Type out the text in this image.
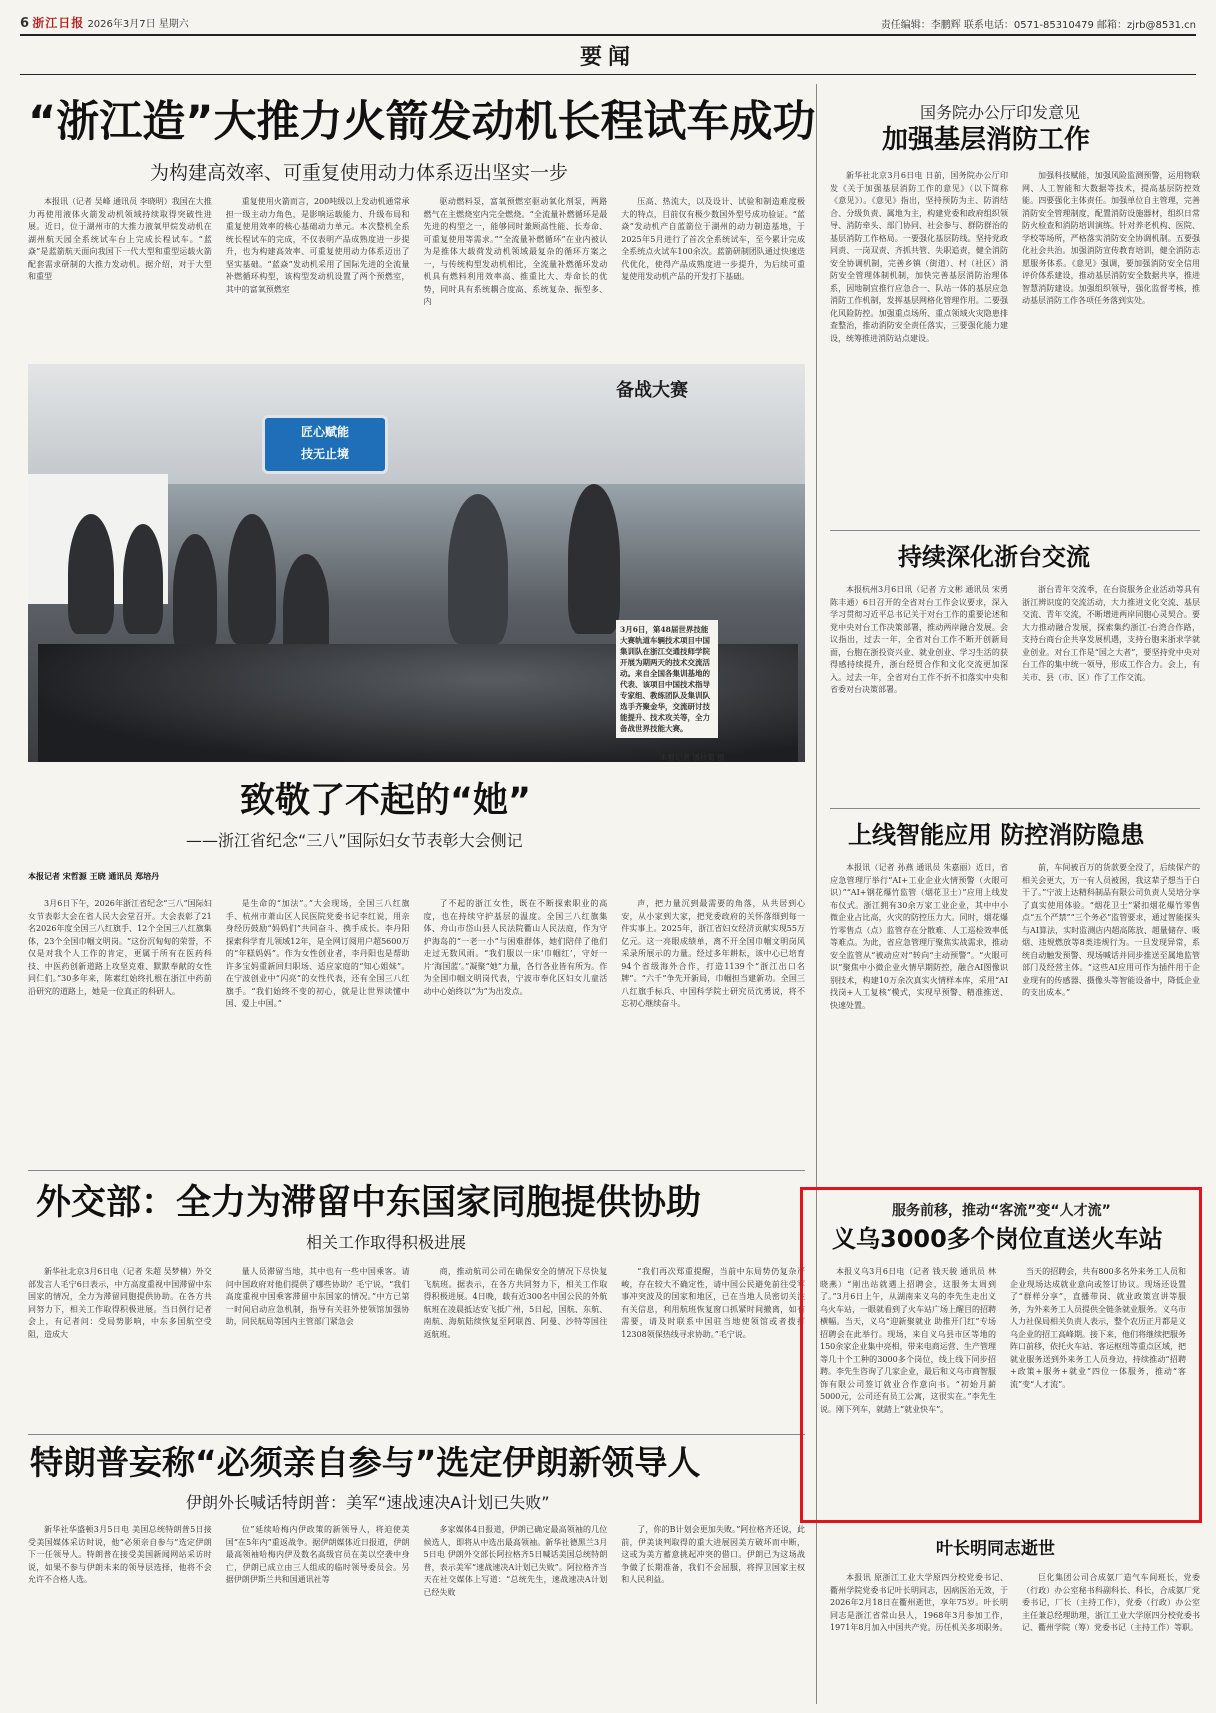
6 浙江日报 2026年3月7日 星期六	责任编辑：李鹏辉 联系电话：0571-85310479 邮箱：zjrb@8531.cn
要闻
“浙江造”大推力火箭发动机长程试车成功
为构建高效率、可重复使用动力体系迈出坚实一步

本报讯（记者 吴峰 通讯员 李晓明）我国在大推力再使用液体火箭发动机领域持续取得突破性进展。近日，位于湖州市的大推力液氧甲烷发动机在湖州航天园全系统试车台上完成长程试车。“蓝焱”是蓝箭航天面向我国下一代大型和重型运载火箭配套需求研制的大推力发动机。据介绍，对于大型和重型

重复使用火箭而言，200吨级以上发动机通常承担一级主动力角色，是影响运载能力、升级布局和重复使用效率的核心基础动力单元。本次整机全系统长程试车的完成，不仅表明产品成熟度进一步提升，也为构建高效率、可重复使用动力体系迈出了坚实基础。“蓝焱”发动机采用了国际先进的全流量补燃循环构型，该构型发动机设置了两个预燃室，其中的富氧预燃室

驱动燃料泵，富氧预燃室驱动氧化剂泵，两路燃气在主燃烧室内完全燃烧。“全流量补燃循环是最先进的构型之一，能够同时兼顾高性能、长寿命、可重复使用等需求。”“全流量补燃循环”在业内被认为是推体大载荷发动机领域最复杂的循环方案之一，与传统构型发动机相比，全流量补燃循环发动机具有燃料利用效率高、推重比大、寿命长的优势，同时具有系统耦合度高、系统复杂、振型多、内

压高、热流大，以及设计、试验和制造难度极大的特点，目前仅有极少数国外型号成功验证。“蓝焱”发动机产自蓝箭位于湖州的动力制造基地，于2025年5月进行了首次全系统试车，至今累计完成全系统点火试车100余次。蓝箭研制团队通过快速迭代优化，使得产品成熟度进一步提升，为后续可重复使用发动机产品的开发打下基础。

匠心赋能
技无止境
备战大赛
3月6日，第48届世界技能大赛轨道车辆技术项目中国集训队在浙江交通技师学院开展为期两天的技术交流活动。来自全国各集训基地的代表、该项目中国技术指导专家组、教练团队及集训队选手齐聚金华，交流研讨技能提升、技术攻关等，全力备战世界技能大赛。
本报记者 潘秋菊 摄
致敬了不起的“她”
——浙江省纪念“三八”国际妇女节表彰大会侧记
本报记者 宋哲源 王晓 通讯员 郑培丹

3月6日下午，2026年浙江省纪念“三八”国际妇女节表彰大会在省人民大会堂召开。大会表彰了21名2026年度全国三八红旗手、12个全国三八红旗集体，23个全国巾帼文明岗。“这份沉甸甸的荣誉，不仅是对我个人工作的肯定，更属于所有在医药科技、中医药创新道路上攻坚克难、默默奉献的女性同仁们。”30多年来，陈素红始终扎根在浙江中药前沿研究的道路上，她是一位真正的科研人。

是生命的“加法”。”大会现场，全国三八红旗手、杭州市萧山区人民医院党委书记李红说，用亲身经历鼓励“妈妈们”共同奋斗、携手成长。李丹阳探索科学育儿领域12年，是全网订阅用户超5600万的“年糕妈妈”。作为女性创业者，李丹阳也是帮助许多宝妈重新回归职场、适应家庭的“知心姐妹”。在宁波创业中“闪亮”的女性代表，还有全国三八红旗手。“我们始终不变的初心，就是让世界读懂中国、爱上中国。”

了不起的浙江女性，既在不断探索职业的高度，也在持续守护基层的温度。全国三八红旗集体、舟山市岱山县人民法院衢山人民法庭，作为守护海岛的“一老一小”与困难群体，她们陪伴了他们走过无数风雨。“我们服以一床‘巾帼红’，守好一片‘海国蓝’。”凝聚“她”力量，各行各业皆有所为。作为全国巾帼文明岗代表，宁波市奉化区妇女儿童活动中心始终以“为”为出发点。

声，把力量沉到最需要的角落，从共居到心安，从小家到大家，把党委政府的关怀落细到每一件实事上。2025年，浙江省妇女经济贡献实现55万亿元。这一亮眼成绩单，离不开全国巾帼文明岗风采录所展示的力量。经过多年耕耘，该中心已培育94个省级海外合作，打造1139个“浙江出口名牌”。“六千”争先开新局，巾帼担当建新功。全国三八红旗手标兵、中国科学院士研究员沈勇说，将不忘初心继续奋斗。

外交部：全力为滞留中东国家同胞提供协助
相关工作取得积极进展

新华社北京3月6日电（记者 朱超 吴梦楠）外交部发言人毛宁6日表示，中方高度重视中国滞留中东国家的情况，全力为滞留同胞提供协助。在各方共同努力下，相关工作取得积极进展。当日例行记者会上，有记者问：受局势影响，中东多国航空受阻，造成大

量人员滞留当地，其中也有一些中国乘客。请问中国政府对他们提供了哪些协助？毛宁说，“我们高度重视中国乘客滞留中东国家的情况。”中方已第一时间启动应急机制，指导有关驻外使领馆加强协助，同民航局等国内主管部门紧急会

商，推动航司公司在确保安全的情况下尽快复飞航班。据表示，在各方共同努力下，相关工作取得积极进展。4日晚，载有近300名中国公民的外航航班在凌晨抵达安飞抵广州，5日起，国航、东航、南航、海航陆续恢复至阿联酋、阿曼、沙特等国往返航班。

“我们再次郑重提醒，当前中东局势仍复杂严峻，存在较大不确定性，请中国公民避免前往受军事冲突波及的国家和地区，已在当地人员密切关注有关信息，利用航班恢复窗口抓紧时间撤离，如有需要，请及时联系中国驻当地使领馆或者拨打12308领保热线寻求协助。”毛宁说。

特朗普妄称“必须亲自参与”选定伊朗新领导人
伊朗外长喊话特朗普：美军“速战速决A计划已失败”

新华社华盛顿3月5日电 美国总统特朗普5日接受美国媒体采访时说，他“必须亲自参与”选定伊朗下一任领导人。特朗普在接受美国新闻网站采访时说，如果不参与伊朗未来的领导层选择，他将不会允许不合格人选。

位”延续哈梅内伊政策的新领导人，将迫使美国“在5年内”重返战争。据伊朗媒体近日报道，伊朗最高领袖哈梅内伊及数名高级官员在美以空袭中身亡，伊朗已成立由三人组成的临时领导委员会。另据伊朗伊斯兰共和国通讯社等

多家媒体4日报道，伊朗已确定最高领袖的几位候选人，即将从中选出最高领袖。新华社德黑兰3月5日电 伊朗外交部长阿拉格齐5日喊话美国总统特朗普，表示美军“速战速决A计划已失败”。阿拉格齐当天在社交媒体上写道：“总统先生，速战速决A计划已经失败

了，你的B计划会更加失败。”阿拉格齐还说，此前，伊美谈判取得的重大进展因美方破坏而中断，这或为美方蓄意挑起冲突的借口。伊朗已为这场战争做了长期准备，我们不会屈服，将捍卫国家主权和人民利益。

国务院办公厅印发意见
加强基层消防工作

新华社北京3月6日电 日前，国务院办公厅印发《关于加强基层消防工作的意见》（以下简称《意见》）。《意见》指出，坚持预防为主、防消结合、分级负责、属地为主，构建党委和政府组织领导、消防牵头、部门协同、社会参与、群防群治的基层消防工作格局。一要强化基层防线。坚持党政同责、一岗双责、齐抓共管、失职追责，健全消防安全协调机制，完善乡镇（街道）、村（社区）消防安全管理体制机制，加快完善基层消防治理体系，因地制宜推行应急合一、队站一体的基层应急消防工作机制，发挥基层网格化管理作用。二要强化风险防控。加强重点场所、重点领域火灾隐患排查整治，推动消防安全责任落实，三要强化能力建设，统筹推进消防站点建设。

加强科技赋能，加强风险监测预警，运用物联网、人工智能和大数据等技术，提高基层防控效能。四要强化主体责任。加强单位自主管理，完善消防安全管理制度，配置消防设施器材，组织日常防火检查和消防培训演练。针对养老机构、医院、学校等场所，严格落实消防安全协调机制。五要强化社会共治。加强消防宣传教育培训，健全消防志愿服务体系。《意见》强调，要加强消防安全信用评价体系建设，推动基层消防安全数据共享，推进智慧消防建设。加强组织领导，强化监督考核，推动基层消防工作各项任务落到实处。

持续深化浙台交流

本报杭州3月6日讯（记者 方文彬 通讯员 宋勇 陈丰通）6日召开的全省对台工作会议要求，深入学习贯彻习近平总书记关于对台工作的重要论述和党中央对台工作决策部署，推动两岸融合发展。会议指出，过去一年，全省对台工作不断开创新局面，台胞在浙投资兴业、就业创业、学习生活的获得感持续提升，浙台经贸合作和文化交流更加深入。过去一年，全省对台工作不折不扣落实中央和省委对台决策部署。

浙台青年交流季，在台资服务企业活动等具有浙江辨识度的交流活动，大力推进文化交流、基层交流、青年交流，不断增进两岸同胞心灵契合。要大力推动融合发展，探索集约浙江-台湾合作路，支持台商台企共享发展机遇，支持台胞来浙求学就业创业。对台工作是“国之大者”，要坚持党中央对台工作的集中统一领导，形成工作合力。会上，有关市、县（市、区）作了工作交流。

上线智能应用 防控消防隐患

本报讯（记者 孙燕 通讯员 朱嘉丽）近日，省应急管理厅举行“AI+工业企业火情预警（火眼可识）”“AI+钢花爆竹监管（烟花卫士）”应用上线发布仪式。浙江拥有30余万家工业企业，其中中小微企业占比高，火灾的防控压力大。同时，烟花爆竹零售点（点）监管存在分散难、人工巡检效率低等难点。为此，省应急管理厅聚焦实战需求，推动安全监管从“被动应对”转向“主动预警”。“火眼可识”聚焦中小微企业火情早期防控，融合AI图像识别技术，构建10万余次真实火情样本库，采用“AI找岗+人工复核”模式，实现早预警、精准推送、快速处置。

前，车间被百万的货款要全没了，后续保产的相关会更大，万一有人员被困，我这辈子想当于白干了。”宁波上达精科制品有限公司负责人吴培分享了真实使用体验。“烟花卫士”紧扣烟花爆竹零售点“五个严禁”“三个务必”监管要求，通过智能探头与AI算法，实时监测店内超高陈放、超量储存、吸烟、违规燃放等8类违规行为。一旦发现异常，系统自动触发预警、现场喊话并同步推送至属地监管部门及经营主体。“这些AI应用可作为插件用于企业现有的传感器、摄像头等智能设备中，降低企业的支出成本。”

服务前移，推动“客流”变“人才流”
义乌3000多个岗位直送火车站

本报义乌3月6日电（记者 钱天骏 通讯员 林晓燕）“刚出站就遇上招聘会，这服务太周到了。”3月6日上午，从湖南来义乌的李先生走出义乌火车站，一眼就看到了火车站广场上醒目的招聘横幅。当天，义乌“迎新聚就业 助推开门红”专场招聘会在此举行。现场，来自义乌县市区等地的150余家企业集中亮相，带来电商运营、生产管理等几十个工种的3000多个岗位，线上线下同步招聘。李先生咨询了几家企业，最后和义乌市商智服饰有限公司签订就业合作意向书。“初始月薪5000元，公司还有员工公寓，这很实在。”李先生说。刚下列车，就踏上“就业快车”。

当天的招聘会，共有800多名外来务工人员和企业现场达成就业意向或签订协议。现场还设置了“群样分享”，直播带岗、就业政策宣讲等服务，为外来务工人员提供全链条就业服务。义乌市人力社保局相关负责人表示，整个农历正月都是义乌企业的招工高峰期。接下来，他们将继续把服务阵口前移，依托火车站、客运枢纽等重点区域，把就业服务送到外来务工人员身边，持续推动“招聘+政策+服务+就业”四位一体服务，推动“客流”变“人才流”。

叶长明同志逝世

本报讯 原浙江工业大学原四分校党委书记、衢州学院党委书记叶长明同志，因病医治无效，于2026年2月18日在衢州逝世，享年75岁。叶长明同志是浙江省常山县人，1968年3月参加工作，1971年8月加入中国共产党。历任机关多项职务。

巨化集团公司合成氨厂造气车间班长，党委（行政）办公室秘书科副科长、科长，合成氨厂党委书记，厂长（主持工作），党委（行政）办公室主任兼总经理助理，浙江工业大学原四分校党委书记、衢州学院（筹）党委书记（主持工作）等职。
